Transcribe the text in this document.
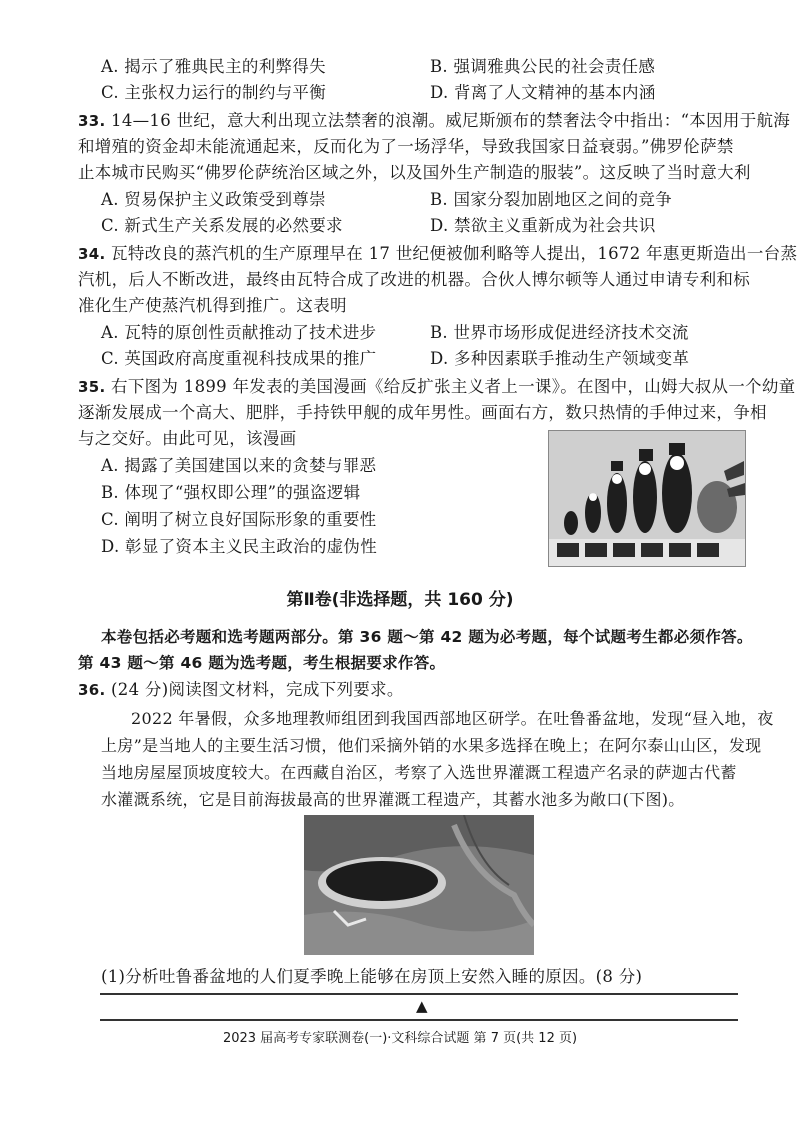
A. 揭示了雅典民主的利弊得失	B. 强调雅典公民的社会责任感
C. 主张权力运行的制约与平衡	D. 背离了人文精神的基本内涵
33. 14—16 世纪，意大利出现立法禁奢的浪潮。威尼斯颁布的禁奢法令中指出：“本因用于航海
和增殖的资金却未能流通起来，反而化为了一场浮华，导致我国家日益衰弱。”佛罗伦萨禁
止本城市民购买“佛罗伦萨统治区域之外，以及国外生产制造的服装”。这反映了当时意大利
A. 贸易保护主义政策受到尊崇	B. 国家分裂加剧地区之间的竞争
C. 新式生产关系发展的必然要求	D. 禁欲主义重新成为社会共识
34. 瓦特改良的蒸汽机的生产原理早在 17 世纪便被伽利略等人提出，1672 年惠更斯造出一台蒸
汽机，后人不断改进，最终由瓦特合成了改进的机器。合伙人博尔顿等人通过申请专利和标
准化生产使蒸汽机得到推广。这表明
A. 瓦特的原创性贡献推动了技术进步	B. 世界市场形成促进经济技术交流
C. 英国政府高度重视科技成果的推广	D. 多种因素联手推动生产领域变革
35. 右下图为 1899 年发表的美国漫画《给反扩张主义者上一课》。在图中，山姆大叔从一个幼童
逐渐发展成一个高大、肥胖，手持铁甲舰的成年男性。画面右方，数只热情的手伸过来，争相
与之交好。由此可见，该漫画
A. 揭露了美国建国以来的贪婪与罪恶
B. 体现了“强权即公理”的强盗逻辑
C. 阐明了树立良好国际形象的重要性
D. 彰显了资本主义民主政治的虚伪性
第Ⅱ卷(非选择题，共 160 分)
本卷包括必考题和选考题两部分。第 36 题～第 42 题为必考题，每个试题考生都必须作答。
第 43 题～第 46 题为选考题，考生根据要求作答。
36. (24 分)阅读图文材料，完成下列要求。
2022 年暑假，众多地理教师组团到我国西部地区研学。在吐鲁番盆地，发现“昼入地，夜
上房”是当地人的主要生活习惯，他们采摘外销的水果多选择在晚上；在阿尔泰山山区，发现
当地房屋屋顶坡度较大。在西藏自治区，考察了入选世界灌溉工程遗产名录的萨迦古代蓄
水灌溉系统，它是目前海拔最高的世界灌溉工程遗产，其蓄水池多为敞口(下图)。
(1)分析吐鲁番盆地的人们夏季晚上能够在房顶上安然入睡的原因。(8 分)
▲
2023 届高考专家联测卷(一)·文科综合试题 第 7 页(共 12 页)
